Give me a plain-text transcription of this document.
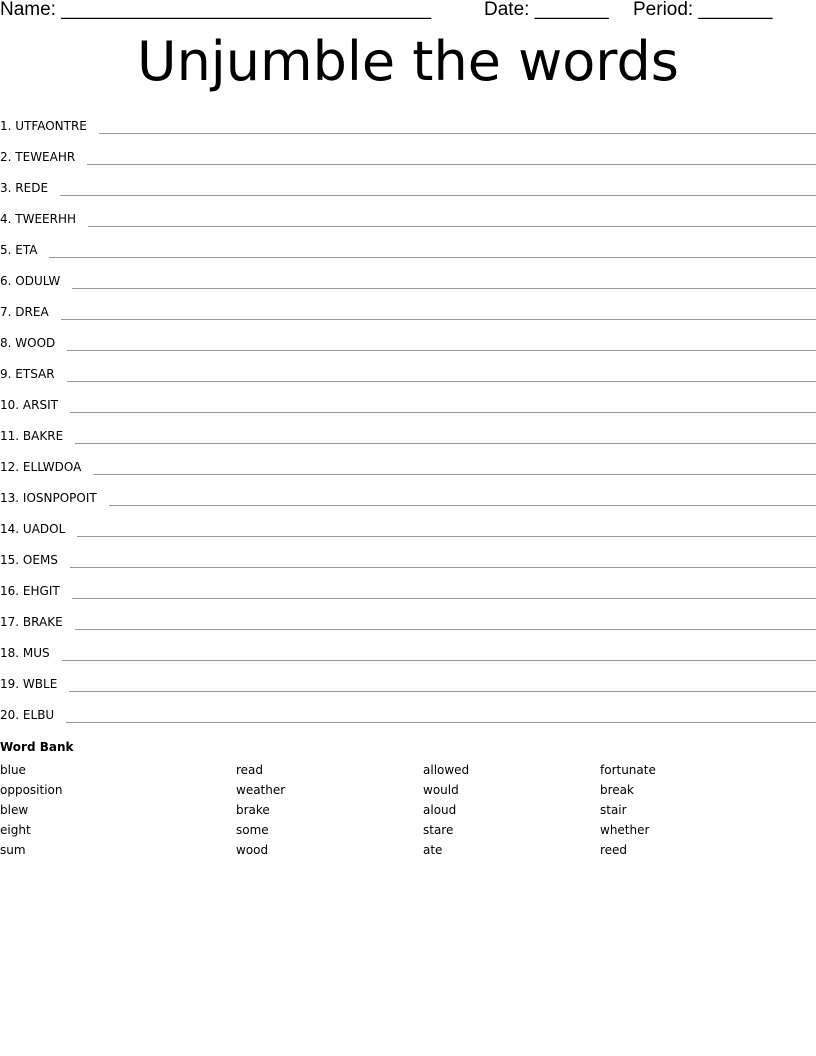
Name: ___________________________________	Date: _______ Period: _______
Unjumble the words
1. UTFAONTRE
2. TEWEAHR
3. REDE
4. TWEERHH
5. ETA
6. ODULW
7. DREA
8. WOOD
9. ETSAR
10. ARSIT
11. BAKRE
12. ELLWDOA
13. IOSNPOPOIT
14. UADOL
15. OEMS
16. EHGIT
17. BRAKE
18. MUS
19. WBLE
20. ELBU
Word Bank
blue
opposition
blew
eight
sum
read
weather
brake
some
wood
allowed
would
aloud
stare
ate
fortunate
break
stair
whether
reed
